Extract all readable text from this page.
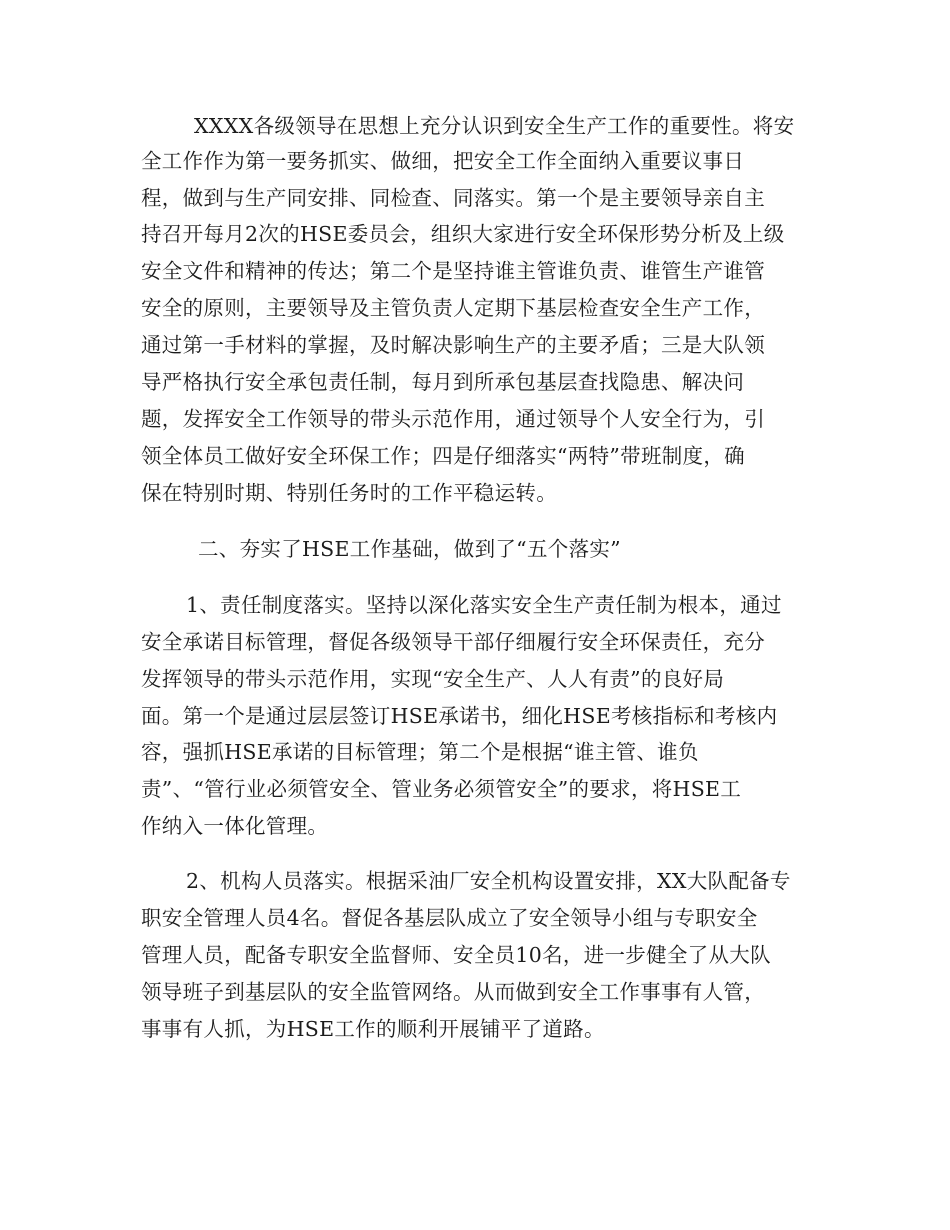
XXXX各级领导在思想上充分认识到安全生产工作的重要性。将安
全工作作为第一要务抓实、做细，把安全工作全面纳入重要议事日
程，做到与生产同安排、同检查、同落实。第一个是主要领导亲自主
持召开每月2次的HSE委员会，组织大家进行安全环保形势分析及上级
安全文件和精神的传达；第二个是坚持谁主管谁负责、谁管生产谁管
安全的原则，主要领导及主管负责人定期下基层检查安全生产工作，
通过第一手材料的掌握，及时解决影响生产的主要矛盾；三是大队领
导严格执行安全承包责任制，每月到所承包基层查找隐患、解决问
题，发挥安全工作领导的带头示范作用，通过领导个人安全行为，引
领全体员工做好安全环保工作；四是仔细落实“两特”带班制度，确
保在特别时期、特别任务时的工作平稳运转。
二、夯实了HSE工作基础，做到了“五个落实”
1、责任制度落实。坚持以深化落实安全生产责任制为根本，通过
安全承诺目标管理，督促各级领导干部仔细履行安全环保责任，充分
发挥领导的带头示范作用，实现“安全生产、人人有责”的良好局
面。第一个是通过层层签订HSE承诺书，细化HSE考核指标和考核内
容，强抓HSE承诺的目标管理；第二个是根据“谁主管、谁负
责”、“管行业必须管安全、管业务必须管安全”的要求，将HSE工
作纳入一体化管理。
2、机构人员落实。根据采油厂安全机构设置安排，XX大队配备专
职安全管理人员4名。督促各基层队成立了安全领导小组与专职安全
管理人员，配备专职安全监督师、安全员10名，进一步健全了从大队
领导班子到基层队的安全监管网络。从而做到安全工作事事有人管，
事事有人抓，为HSE工作的顺利开展铺平了道路。
